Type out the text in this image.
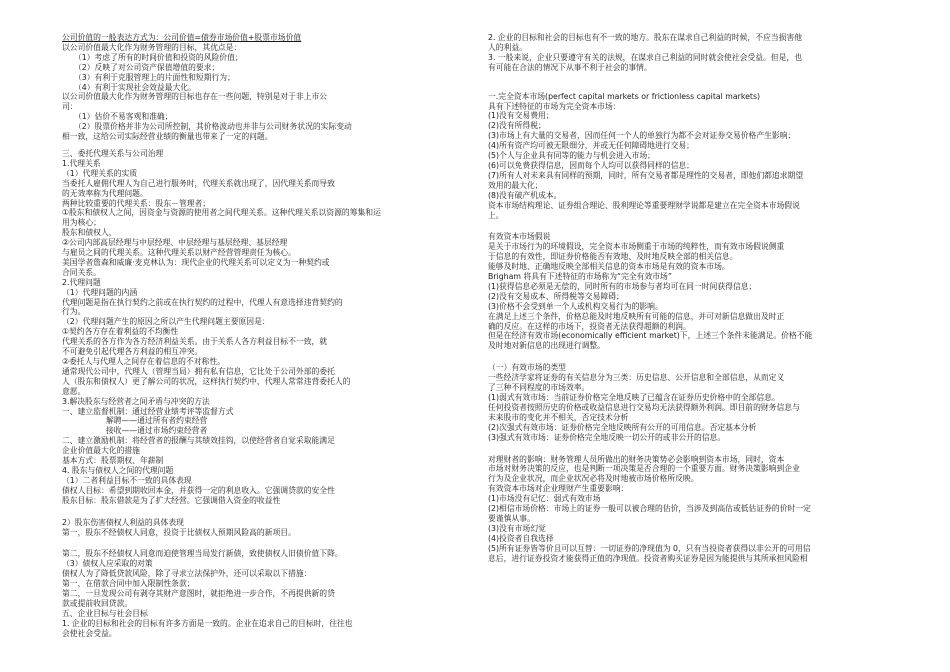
公司价值的一般表达方式为：公司价值=债券市场价值+股票市场价值
以公司价值最大化作为财务管理的目标，其优点是：
（1）考虑了所有的时间价值和投资的风险价值；
（2）反映了对公司资产保值增值的要求；
（3）有利于克服管理上的片面性和短期行为；
（4）有利于实现社会效益最大化。
以公司价值最大化作为财务管理的目标也存在一些问题，特别是对于非上市公
司：
（1）估价不易客观和准确；
（2）股票价格并非为公司所控制，其价格波动也并非与公司财务状况的实际变动
相一致，这给公司实际经营业绩的衡量也带来了一定的问题。
三、委托代理关系与公司治理
1.代理关系
（1）代理关系的实质
当委托人雇佣代理人为自己进行服务时，代理关系就出现了，因代理关系而导致
的无效率称为代理问题。
两种比较重要的代理关系：股东－管理者；
①股东和债权人之间，因资金与资源的使用者之间代理关系。这种代理关系以资源的筹集和运
用为核心；
股东和债权人，
②公司内部高层经理与中层经理、中层经理与基层经理、基层经理
与雇员之间的代理关系。这种代理关系以财产经营管理责任为核心。
美国学者詹森和威廉·麦克林认为：现代企业的代理关系可以定义为一种契约或
合同关系。
2.代理问题
（1）代理问题的内涵
代理问题是指在执行契约之前或在执行契约的过程中，代理人有意选择违背契约的
行为。
（2）代理问题产生的原因之所以产生代理问题主要原因是：
①契约各方存在着利益的不均衡性
代理关系的各方作为各方经济利益关系。由于关系人各方利益目标不一致，就
不可避免引起代理各方利益的相互冲突。
②委托人与代理人之间存在着信息的不对称性。
通常现代公司中，代理人（管理当局）拥有私有信息，它比处于公司外部的委托
人（股东和债权人）更了解公司的状况，这样执行契约中，代理人常常违背委托人的
意愿。
3.解决股东与经营者之间矛盾与冲突的方法
一、建立监督机制：通过经营业绩考评等监督方式
解聘——通过所有者约束经营
接收——通过市场约束经营者
二、建立激励机制：将经营者的报酬与其绩效挂钩，以使经营者自觉采取能满足
企业价值最大化的措施
基本方式：股票期权、年薪制
4. 股东与债权人之间的代理问题
（1）二者利益目标不一致的具体表现
债权人目标：希望到期收回本金，并获得一定的利息收入。它强调贷款的安全性
股东目标：股东借款是为了扩大经营。它强调借入资金的收益性
2）股东伤害债权人利益的具体表现
第一，股东不经债权人同意，投资于比债权人预期风险高的新项目。
第二，股东不经债权人同意而迫使管理当局发行新债，致使债权人旧债价值下降。
（3）债权人应采取的对策
债权人为了降低贷款风险，除了寻求立法保护外，还可以采取以下措施：
第一，在借款合同中加入限制性条款；
第二，一旦发现公司有剥夺其财产意图时，就拒绝进一步合作，不再提供新的贷
款或提前收回贷款。
五、企业目标与社会目标
1. 企业的目标和社会的目标有许多方面是一致的。企业在追求自己的目标时，往往也
会使社会受益。
2. 企业的目标和社会的目标也有不一致的地方。股东在谋求自己利益的时候，不应当损害他
人的利益。
3. 一般来说，企业只要遵守有关的法规，在谋求自己利益的同时就会使社会受益。但是，也
有可能在合法的情况下从事不利于社会的事情。
一.完全资本市场(perfect capital markets or frictionless capital markets)
具有下述特征的市场为完全资本市场：
(1)没有交易费用；
(2)没有所得税；
(3)市场上有大量的交易者，因而任何一个人的单独行为都不会对证券交易价格产生影响；
(4)所有资产均可被无限细分，并或无任何障碍地进行交易；
(5)个人与企业具有同等的能力与机会进入市场；
(6)可以免费获得信息，因而每个人均可以获得同样的信息；
(7)所有人对未来具有同样的预期，同时，所有交易者都是理性的交易者，即他们都追求期望
效用的最大化；
(8)没有破产机成本。
资本市场结构理论、证券组合理论、股利理论等重要理财学说都是建立在完全资本市场假说
上。
有效资本市场假说
是关于市场行为的环境假设，完全资本市场侧重于市场的纯粹性，而有效市场假说侧重
于信息的有效性，即证券价格能否有效地、及时地反映全部的相关信息。
能够及时地、正确地反映全部相关信息的资本市场是有效的资本市场。
Brigham 将具有下述特征的市场称为“完全有效市场”
(1)获得信息必须是无偿的，同时所有的市场参与者均可在同一时间获得信息；
(2)没有交易成本、所得税等交易障碍；
(3)价格不会受到单一个人或机构交易行为的影响。
在满足上述三个条件，价格总能及时地反映所有可能的信息，并可对新信息做出及时正
确的反应。在这样的市场下，投资者无法获得超额的利润。
但是在经济有效市场(economically efficient market)下，上述三个条件未能满足。价格不能
及时地对新信息的出现进行调整。
（一）有效市场的类型
一些经济学家将证券的有关信息分为三类：历史信息、公开信息和全部信息，从而定义
了三种不同程度的市场效率。
(1)弱式有效市场：当前证券价格完全地反映了已蕴含在证券历史价格中的全部信息。
任何投资者按照历史的价格或收益信息进行交易均无法获得额外利润。即目前的财务信息与
未来股市的变化并不相关，否定技术分析
(2)次强式有效市场：证券价格完全地反映所有公开的可用信息。否定基本分析
(3)强式有效市场：证券价格完全地反映一切公开的或非公开的信息。
对理财者的影响：财务管理人员所做出的财务决策势必会影响到资本市场，同时，资本
市场对财务决策的反应，也是判断一项决策是否合理的一个重要方面。财务决策影响到企业
行为及企业状况，而企业状况必将及时地被市场价格所反映。
有效资本市场对企业理财产生重要影响：
(1)市场没有记忆：弱式有效市场
(2)相信市场价格：市场上的证券一般可以被合理的估价，当涉及到高估或低估证券的价时一定
要谨慎从事。
(3)没有市场幻觉
(4)投资者自我选择
(5)所有证券皆等价且可以互替：一切证券的净现值为 0，只有当投资者获得以非公开的可用信
息后，进行证券投资才能获得正值的净现值。投资者购买证券是因为能提供与其所承担风险相
